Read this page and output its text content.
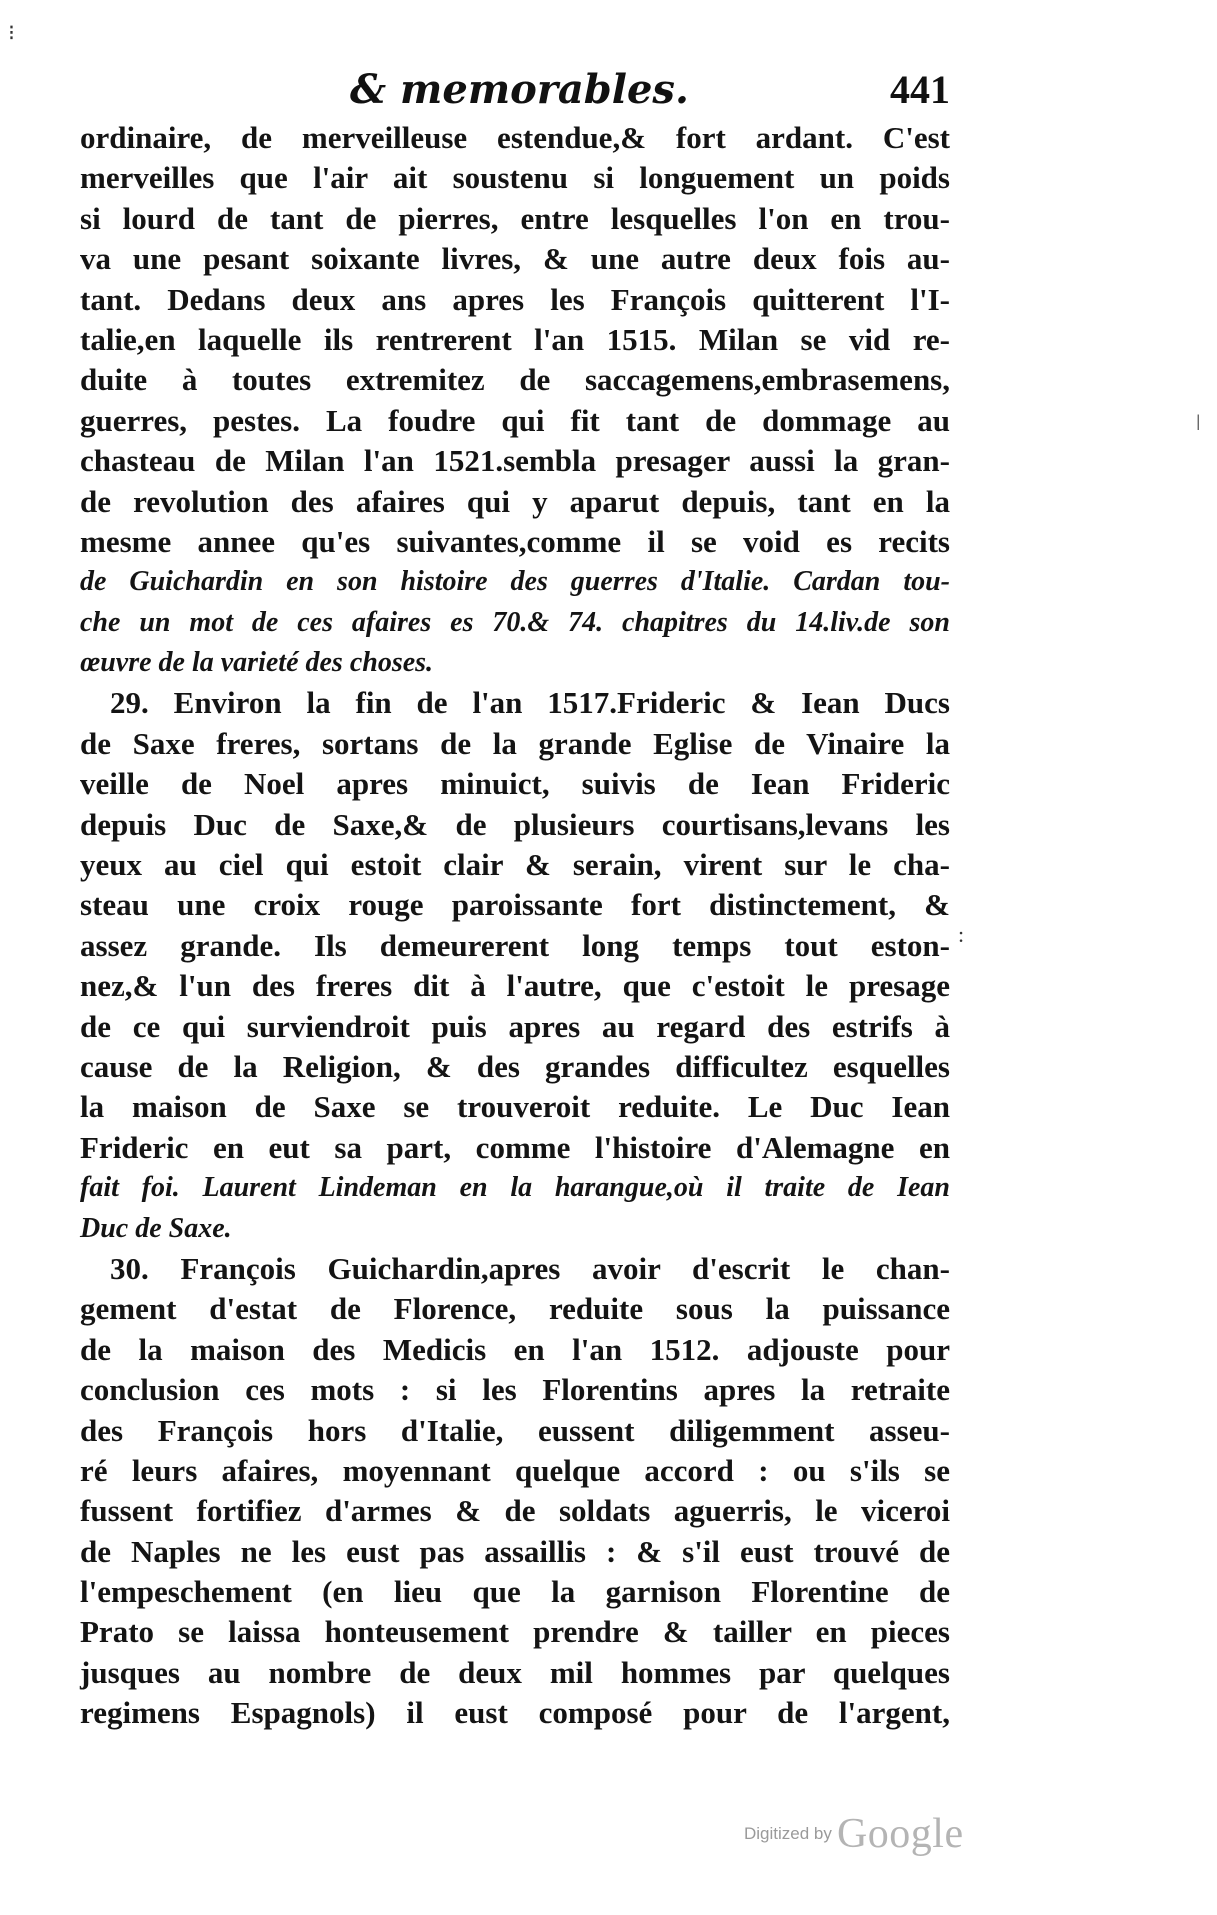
& memorables.	441
ordinaire, de merveilleuse estendue,& fort ardant. C'est
merveilles que l'air ait soustenu si longuement un poids
si lourd de tant de pierres, entre lesquelles l'on en trou-
va une pesant soixante livres, & une autre deux fois au-
tant. Dedans deux ans apres les François quitterent l'I-
talie,en laquelle ils rentrerent l'an 1515. Milan se vid re-
duite à toutes extremitez de saccagemens,embrasemens,
guerres, pestes. La foudre qui fit tant de dommage au
chasteau de Milan l'an 1521.sembla presager aussi la gran-
de revolution des afaires qui y aparut depuis, tant en la
mesme annee qu'es suivantes,comme il se void es recits
de Guichardin en son histoire des guerres d'Italie. Cardan tou-
che un mot de ces afaires es 70.& 74. chapitres du 14.liv.de son
œuvre de la varieté des choses.
29. Environ la fin de l'an 1517.Frideric & Iean Ducs
de Saxe freres, sortans de la grande Eglise de Vinaire la
veille de Noel apres minuict, suivis de Iean Frideric
depuis Duc de Saxe,& de plusieurs courtisans,levans les
yeux au ciel qui estoit clair & serain, virent sur le cha-
steau une croix rouge paroissante fort distinctement, &
assez grande. Ils demeurerent long temps tout eston-
nez,& l'un des freres dit à l'autre, que c'estoit le presage
de ce qui surviendroit puis apres au regard des estrifs à
cause de la Religion, & des grandes difficultez esquelles
la maison de Saxe se trouveroit reduite. Le Duc Iean
Frideric en eut sa part, comme l'histoire d'Alemagne en
fait foi. Laurent Lindeman en la harangue,où il traite de Iean
Duc de Saxe.
30. François Guichardin,apres avoir d'escrit le chan-
gement d'estat de Florence, reduite sous la puissance
de la maison des Medicis en l'an 1512. adjouste pour
conclusion ces mots : si les Florentins apres la retraite
des François hors d'Italie, eussent diligemment asseu-
ré leurs afaires, moyennant quelque accord : ou s'ils se
fussent fortifiez d'armes & de soldats aguerris, le viceroi
de Naples ne les eust pas assaillis : & s'il eust trouvé de
l'empeschement (en lieu que la garnison Florentine de
Prato se laissa honteusement prendre & tailler en pieces
jusques au nombre de deux mil hommes par quelques
regimens Espagnols) il eust composé pour de l'argent,
⁝
:
ǀ
Digitized by Google
